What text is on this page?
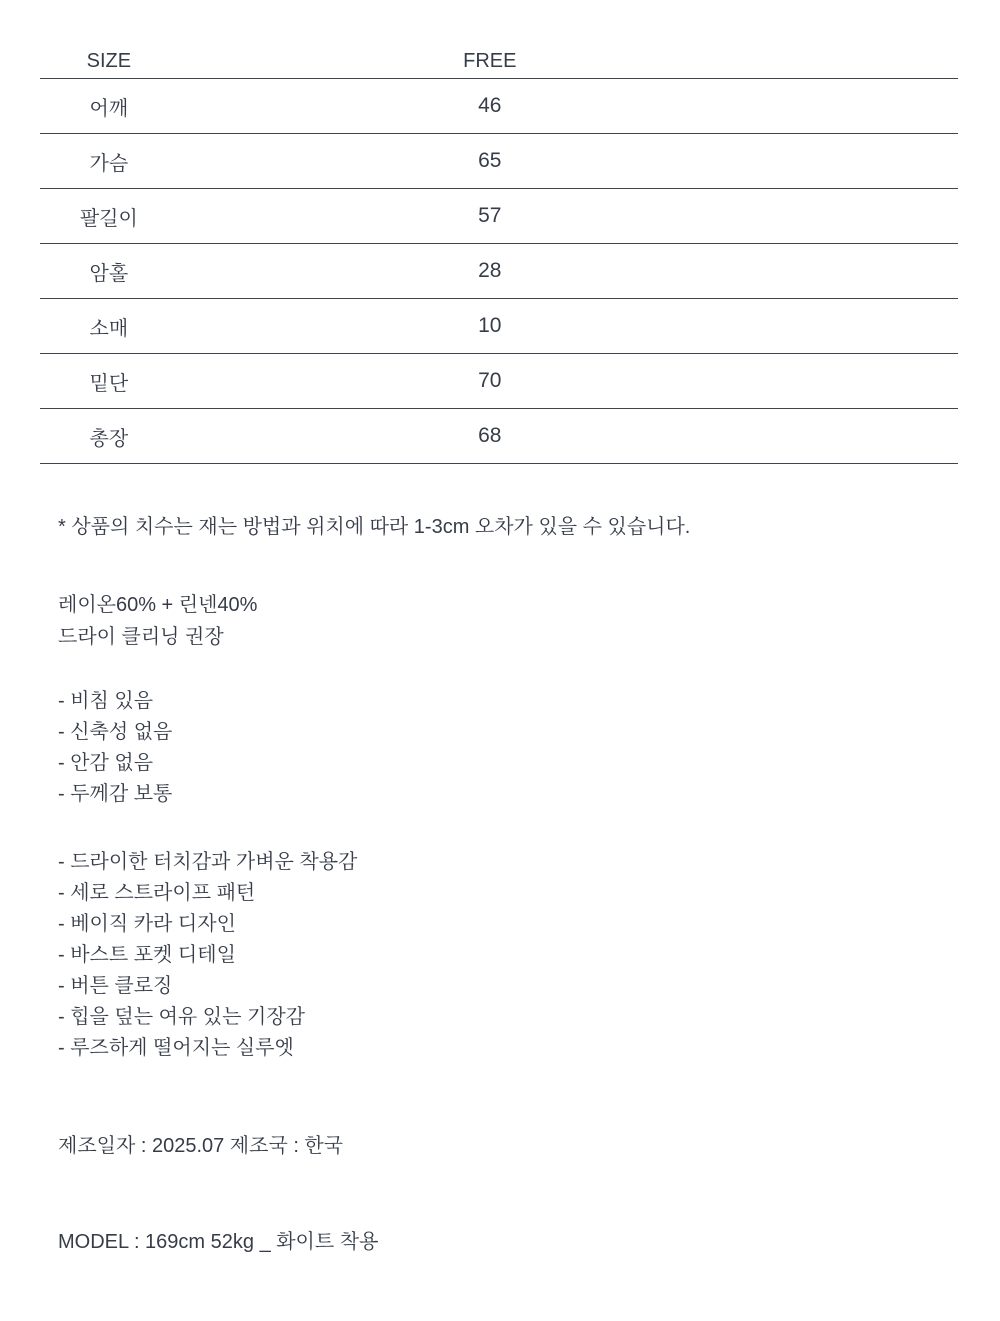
SIZE	FREE	
어깨	46	
가슴	65	
팔길이	57	
암홀	28	
소매	10	
밑단	70	
총장	68	

* 상품의 치수는 재는 방법과 위치에 따라 1-3cm 오차가 있을 수 있습니다.

레이온60% + 린넨40%

드라이 클리닝 권장

- 비침 있음

- 신축성 없음

- 안감 없음

- 두께감 보통

- 드라이한 터치감과 가벼운 착용감

- 세로 스트라이프 패턴

- 베이직 카라 디자인

- 바스트 포켓 디테일

- 버튼 클로징

- 힙을 덮는 여유 있는 기장감

- 루즈하게 떨어지는 실루엣

제조일자 : 2025.07 제조국 : 한국

MODEL : 169cm 52kg _ 화이트 착용
